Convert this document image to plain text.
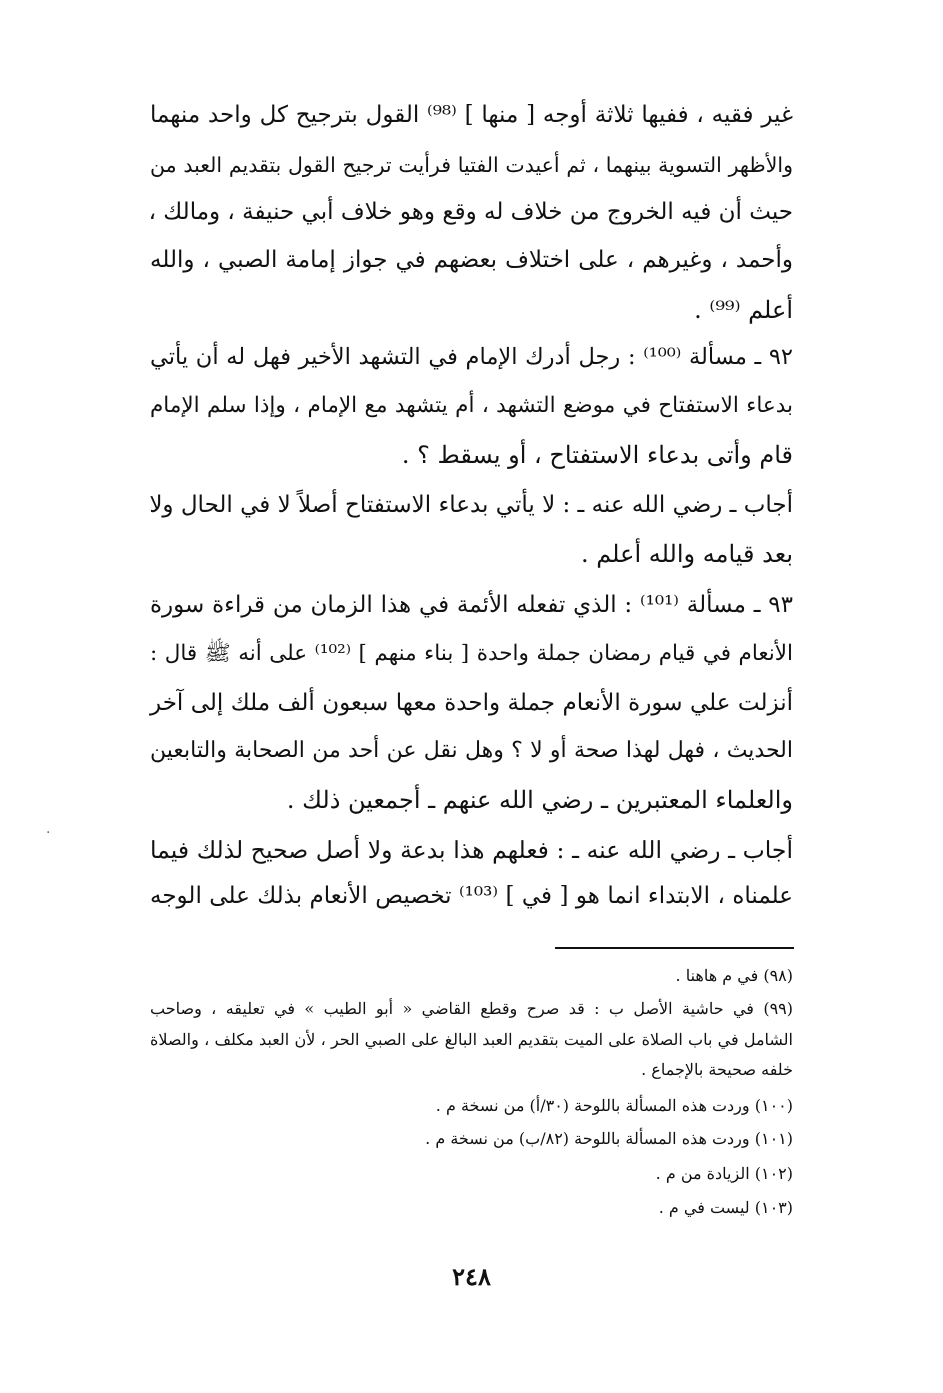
غير فقيه ، ففيها ثلاثة أوجه [ منها ] ⁽⁹⁸⁾ القول بترجيح كل واحد منهما
والأظهر التسوية بينهما ، ثم أعيدت الفتيا فرأيت ترجيح القول بتقديم العبد من
حيث أن فيه الخروج من خلاف له وقع وهو خلاف أبي حنيفة ، ومالك ،
وأحمد ، وغيرهم ، على اختلاف بعضهم في جواز إمامة الصبي ، والله
أعلم ⁽⁹⁹⁾ .
٩٢ ـ مسألة ⁽¹⁰⁰⁾ : رجل أدرك الإمام في التشهد الأخير فهل له أن يأتي
بدعاء الاستفتاح في موضع التشهد ، أم يتشهد مع الإمام ، وإذا سلم الإمام
قام وأتى بدعاء الاستفتاح ، أو يسقط ؟ .
أجاب ـ رضي الله عنه ـ : لا يأتي بدعاء الاستفتاح أصلاً لا في الحال ولا
بعد قيامه والله أعلم .
٩٣ ـ مسألة ⁽¹⁰¹⁾ : الذي تفعله الأئمة في هذا الزمان من قراءة سورة
الأنعام في قيام رمضان جملة واحدة [ بناء منهم ] ⁽¹⁰²⁾ على أنه ﷺ قال :
أنزلت علي سورة الأنعام جملة واحدة معها سبعون ألف ملك إلى آخر
الحديث ، فهل لهذا صحة أو لا ؟ وهل نقل عن أحد من الصحابة والتابعين
والعلماء المعتبرين ـ رضي الله عنهم ـ أجمعين ذلك .
أجاب ـ رضي الله عنه ـ : فعلهم هذا بدعة ولا أصل صحيح لذلك فيما
علمناه ، الابتداء انما هو [ في ] ⁽¹⁰³⁾ تخصيص الأنعام بذلك على الوجه
(٩٨) في م هاهنا .
(٩٩) في حاشية الأصل ب : قد صرح وقطع القاضي « أبو الطيب » في تعليقه ، وصاحب
الشامل في باب الصلاة على الميت بتقديم العبد البالغ على الصبي الحر ، لأن العبد مكلف ، والصلاة
خلفه صحيحة بالإجماع .
(١٠٠) وردت هذه المسألة باللوحة (٣٠/أ) من نسخة م .
(١٠١) وردت هذه المسألة باللوحة (٨٢/ب) من نسخة م .
(١٠٢) الزيادة من م .
(١٠٣) ليست في م .
·
٢٤٨
